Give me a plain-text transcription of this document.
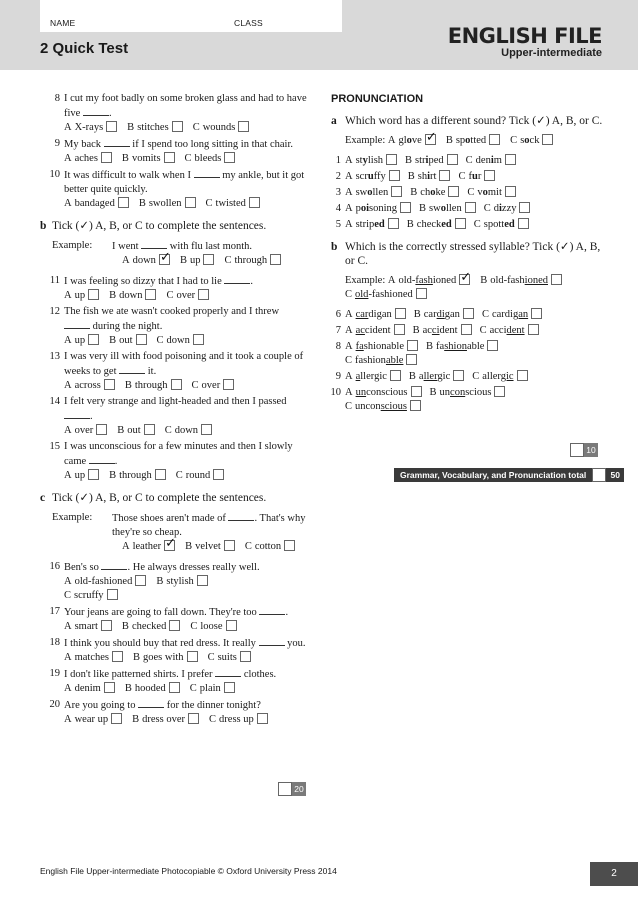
NAME	CLASS
2 Quick Test
ENGLISH FILE
Upper-intermediate
8 I cut my foot badly on some broken glass and had to have five .
A X-rays B stitches C wounds
9 My back  if I spend too long sitting in that chair.
A aches B vomits C bleeds
10 It was difficult to walk when I  my ankle, but it got better quite quickly.
A bandaged B swollen C twisted
b Tick (✓) A, B, or C to complete the sentences.
Example: I went  with flu last month.
A down ✓ B up C through
11 I was feeling so dizzy that I had to lie .
A up B down C over
12 The fish we ate wasn't cooked properly and I threw
during the night.
A up B out C down
13 I was very ill with food poisoning and it took a couple of weeks to get  it.
A across B through C over
14 I felt very strange and light-headed and then I passed .
A over B out C down
15 I was unconscious for a few minutes and then I slowly came .
A up B through C round
c Tick (✓) A, B, or C to complete the sentences.
Example: Those shoes aren't made of . That's why they're so cheap.
A leather ✓ B velvet C cotton
16 Ben's so . He always dresses really well.
A old-fashioned B stylish
C scruffy
17 Your jeans are going to fall down. They're too .
A smart B checked C loose
18 I think you should buy that red dress. It really  you.
A matches B goes with C suits
19 I don't like patterned shirts. I prefer  clothes.
A denim B hooded C plain
20 Are you going to  for the dinner tonight?
A wear up B dress over C dress up
PRONUNCIATION
a Which word has a different sound? Tick (✓) A, B, or C.
Example: A glove ✓ B spotted C sock
1 A stylish B striped C denim
2 A scruffy B shirt C fur
3 A swollen B choke C vomit
4 A poisoning B swollen C dizzy
5 A striped B checked C spotted
b Which is the correctly stressed syllable? Tick (✓) A, B, or C.
Example: A old-fashioned ✓ B old-fashionedC old-fashioned
6 A cardigan B cardigan C cardigan
7 A accident B accident C accident
8 A fashionable B fashionable
C fashionable
9 A allergic B allergic C allergic
10 A unconscious B unconscious
C unconscious
20
10
Grammar, Vocabulary, and Pronunciation total	50
English File Upper-intermediate Photocopiable © Oxford University Press 2014	2
